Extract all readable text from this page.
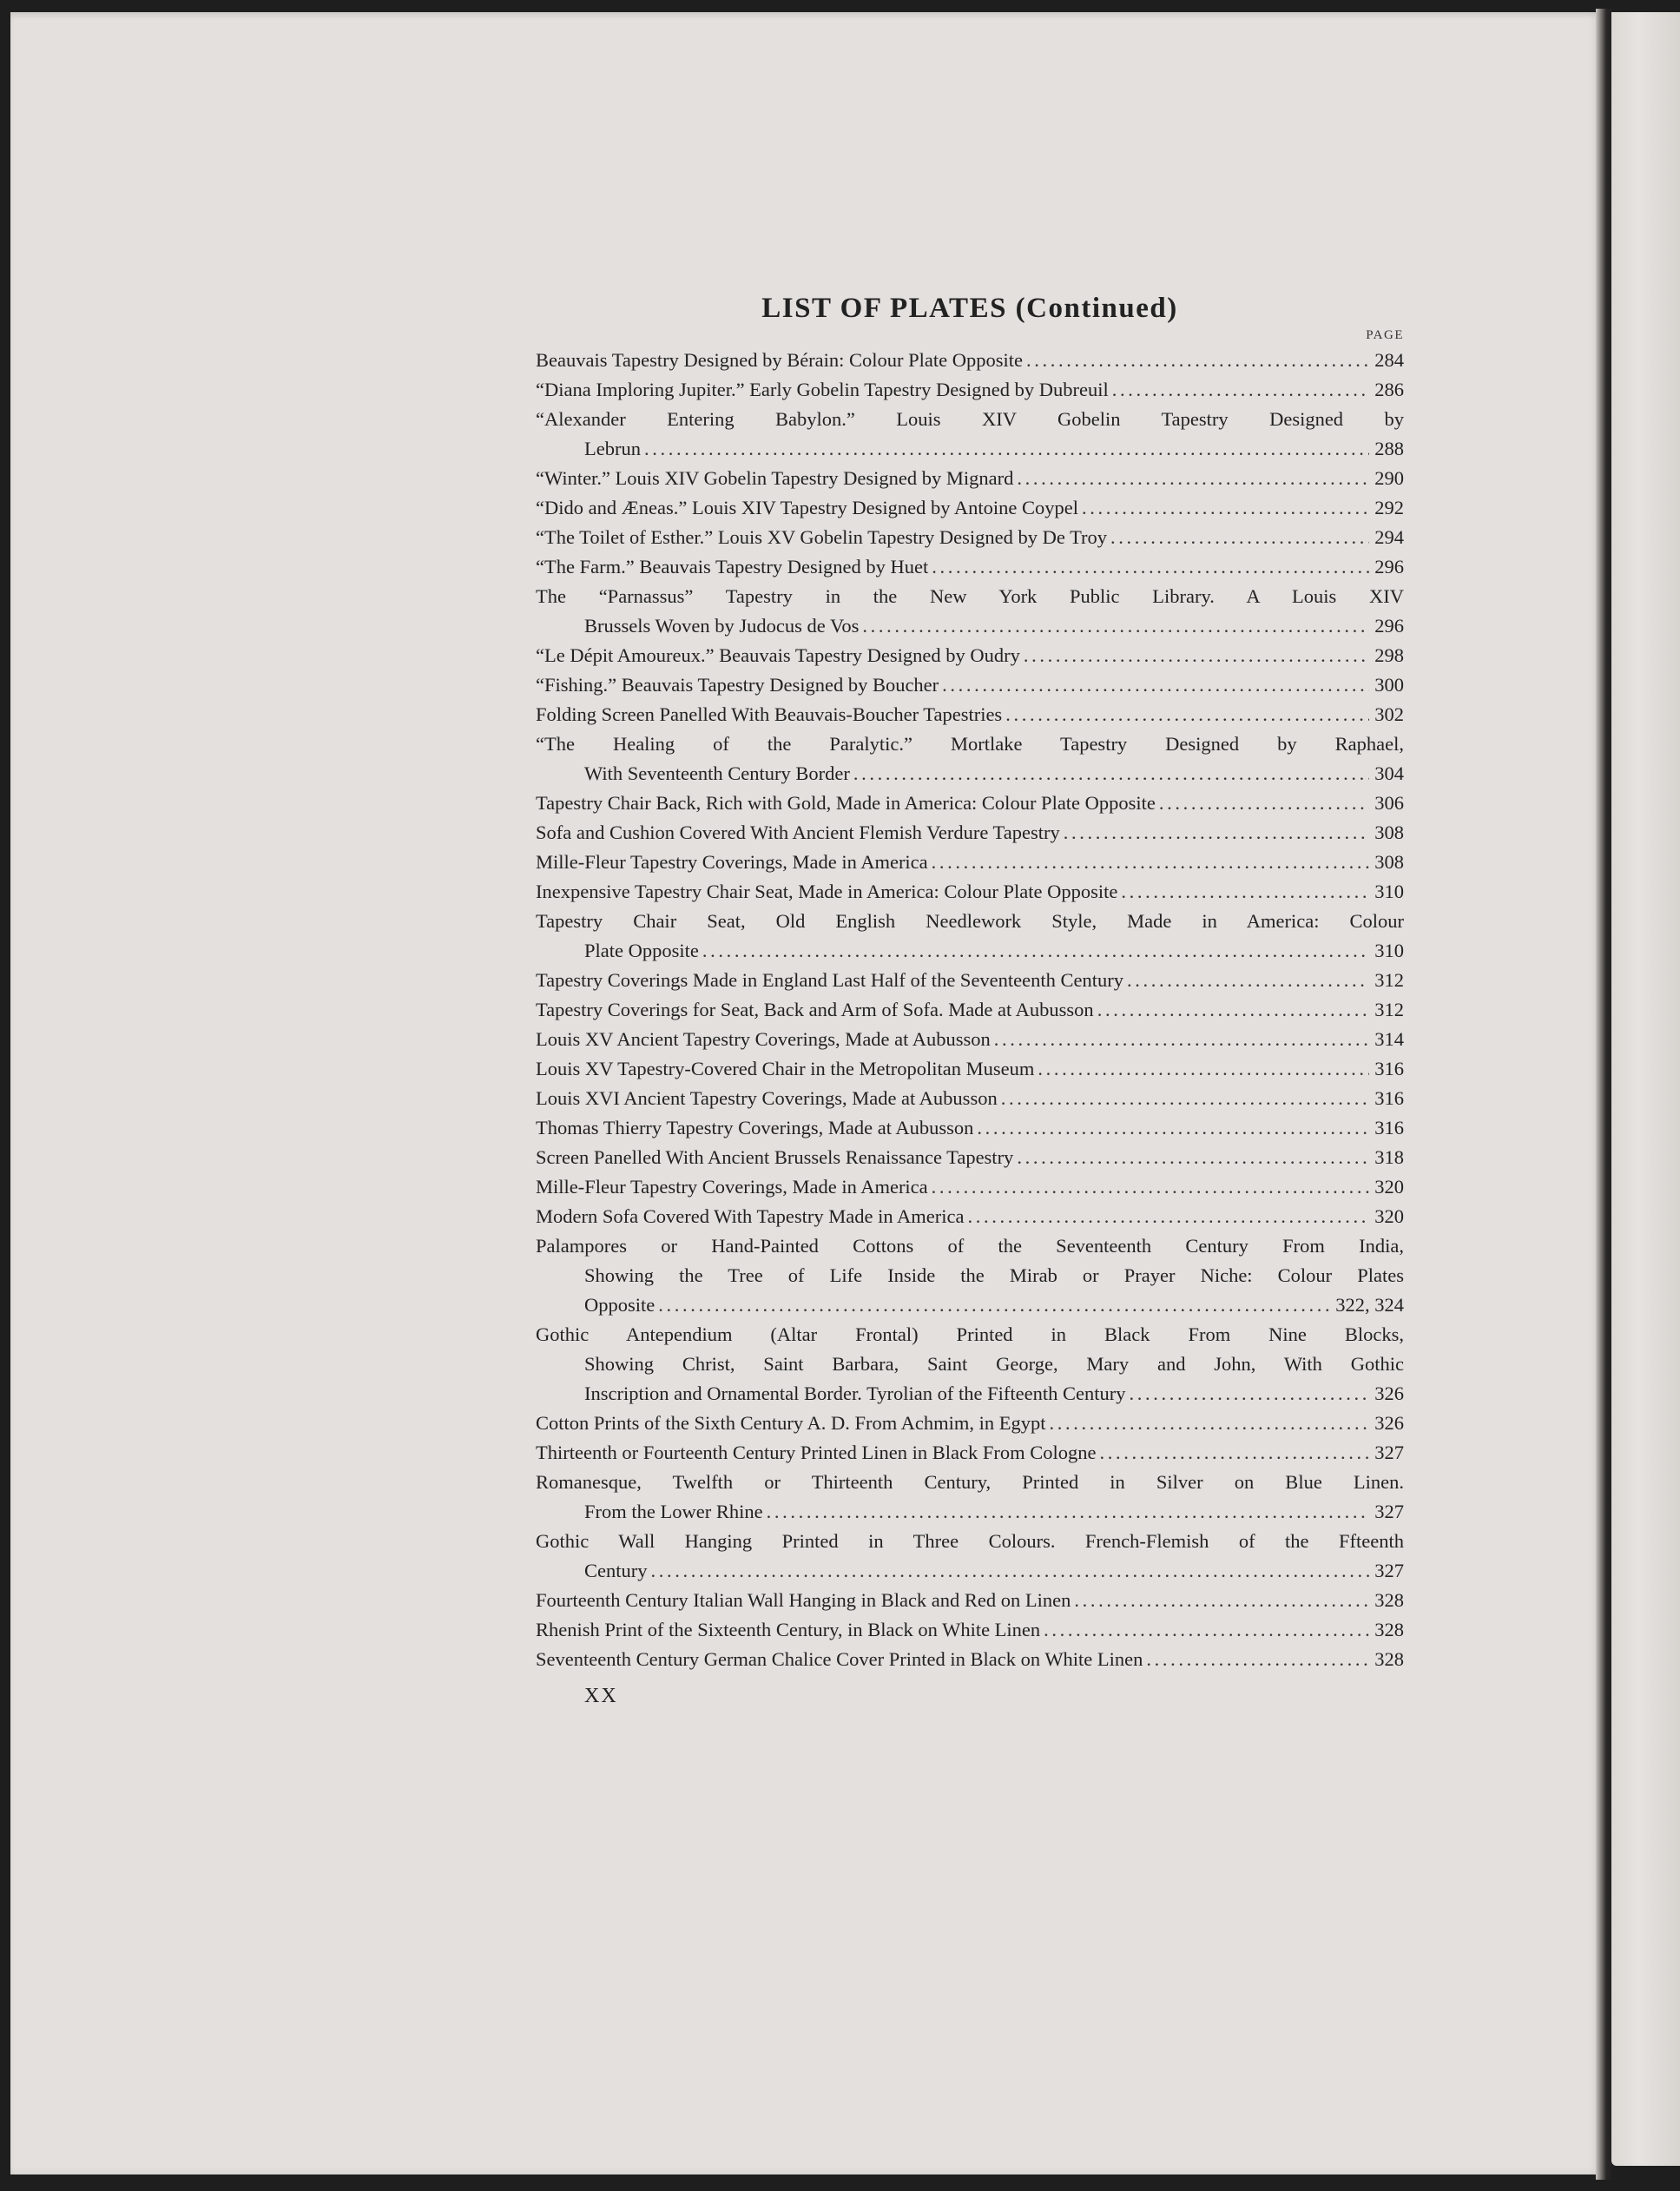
LIST OF PLATES (Continued)
PAGE
Beauvais Tapestry Designed by Bérain: Colour Plate Opposite . . .	284
“Diana Imploring Jupiter.” Early Gobelin Tapestry Designed by Dubreuil . . .	286
“Alexander Entering Babylon.” Louis XIV Gobelin Tapestry Designed by
Lebrun . . .	288
“Winter.” Louis XIV Gobelin Tapestry Designed by Mignard . . .	290
“Dido and Æneas.” Louis XIV Tapestry Designed by Antoine Coypel . . .	292
“The Toilet of Esther.” Louis XV Gobelin Tapestry Designed by De Troy . . .	294
“The Farm.” Beauvais Tapestry Designed by Huet . . .	296
The “Parnassus” Tapestry in the New York Public Library. A Louis XIV
Brussels Woven by Judocus de Vos . . .	296
“Le Dépit Amoureux.” Beauvais Tapestry Designed by Oudry . . .	298
“Fishing.” Beauvais Tapestry Designed by Boucher . . .	300
Folding Screen Panelled With Beauvais-Boucher Tapestries . . .	302
“The Healing of the Paralytic.” Mortlake Tapestry Designed by Raphael,
With Seventeenth Century Border . . .	304
Tapestry Chair Back, Rich with Gold, Made in America: Colour Plate Opposite . . .	306
Sofa and Cushion Covered With Ancient Flemish Verdure Tapestry . . .	308
Mille-Fleur Tapestry Coverings, Made in America . . .	308
Inexpensive Tapestry Chair Seat, Made in America: Colour Plate Opposite . . .	310
Tapestry Chair Seat, Old English Needlework Style, Made in America: Colour
Plate Opposite . . .	310
Tapestry Coverings Made in England Last Half of the Seventeenth Century . . .	312
Tapestry Coverings for Seat, Back and Arm of Sofa. Made at Aubusson . . .	312
Louis XV Ancient Tapestry Coverings, Made at Aubusson . . .	314
Louis XV Tapestry-Covered Chair in the Metropolitan Museum . . .	316
Louis XVI Ancient Tapestry Coverings, Made at Aubusson . . .	316
Thomas Thierry Tapestry Coverings, Made at Aubusson . . .	316
Screen Panelled With Ancient Brussels Renaissance Tapestry . . .	318
Mille-Fleur Tapestry Coverings, Made in America . . .	320
Modern Sofa Covered With Tapestry Made in America . . .	320
Palampores or Hand-Painted Cottons of the Seventeenth Century From India,
Showing the Tree of Life Inside the Mirab or Prayer Niche: Colour Plates
Opposite . . .	322, 324
Gothic Antependium (Altar Frontal) Printed in Black From Nine Blocks,
Showing Christ, Saint Barbara, Saint George, Mary and John, With Gothic
Inscription and Ornamental Border. Tyrolian of the Fifteenth Century . . .	326
Cotton Prints of the Sixth Century A. D. From Achmim, in Egypt . . .	326
Thirteenth or Fourteenth Century Printed Linen in Black From Cologne . . .	327
Romanesque, Twelfth or Thirteenth Century, Printed in Silver on Blue Linen.
From the Lower Rhine . . .	327
Gothic Wall Hanging Printed in Three Colours. French-Flemish of the Ffteenth
Century . . .	327
Fourteenth Century Italian Wall Hanging in Black and Red on Linen . . .	328
Rhenish Print of the Sixteenth Century, in Black on White Linen . . .	328
Seventeenth Century German Chalice Cover Printed in Black on White Linen . . .	328
XX
